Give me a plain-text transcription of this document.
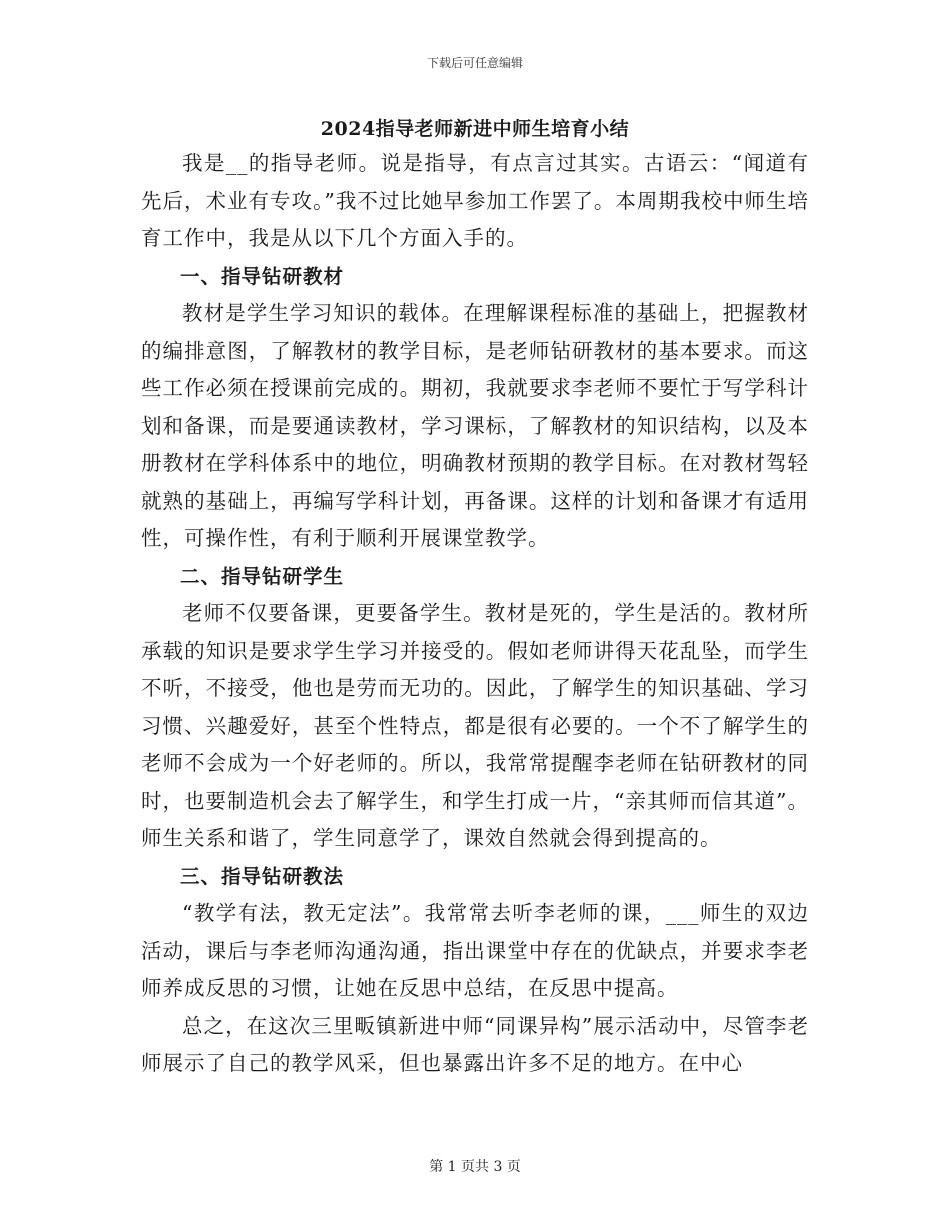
下载后可任意编辑
2024指导老师新进中师生培育小结

我是__的指导老师。说是指导，有点言过其实。古语云：“闻道有先后，术业有专攻。”我不过比她早参加工作罢了。本周期我校中师生培育工作中，我是从以下几个方面入手的。

一、指导钻研教材

教材是学生学习知识的载体。在理解课程标准的基础上，把握教材的编排意图，了解教材的教学目标，是老师钻研教材的基本要求。而这些工作必须在授课前完成的。期初，我就要求李老师不要忙于写学科计划和备课，而是要通读教材，学习课标，了解教材的知识结构，以及本册教材在学科体系中的地位，明确教材预期的教学目标。在对教材驾轻就熟的基础上，再编写学科计划，再备课。这样的计划和备课才有适用性，可操作性，有利于顺利开展课堂教学。

二、指导钻研学生

老师不仅要备课，更要备学生。教材是死的，学生是活的。教材所承载的知识是要求学生学习并接受的。假如老师讲得天花乱坠，而学生不听，不接受，他也是劳而无功的。因此，了解学生的知识基础、学习习惯、兴趣爱好，甚至个性特点，都是很有必要的。一个不了解学生的老师不会成为一个好老师的。所以，我常常提醒李老师在钻研教材的同时，也要制造机会去了解学生，和学生打成一片，“亲其师而信其道”。师生关系和谐了，学生同意学了，课效自然就会得到提高的。

三、指导钻研教法

“教学有法，教无定法”。我常常去听李老师的课，___师生的双边活动，课后与李老师沟通沟通，指出课堂中存在的优缺点，并要求李老师养成反思的习惯，让她在反思中总结，在反思中提高。

总之，在这次三里畈镇新进中师“同课异构”展示活动中，尽管李老师展示了自己的教学风采，但也暴露出许多不足的地方。在中心

第 1 页共 3 页
